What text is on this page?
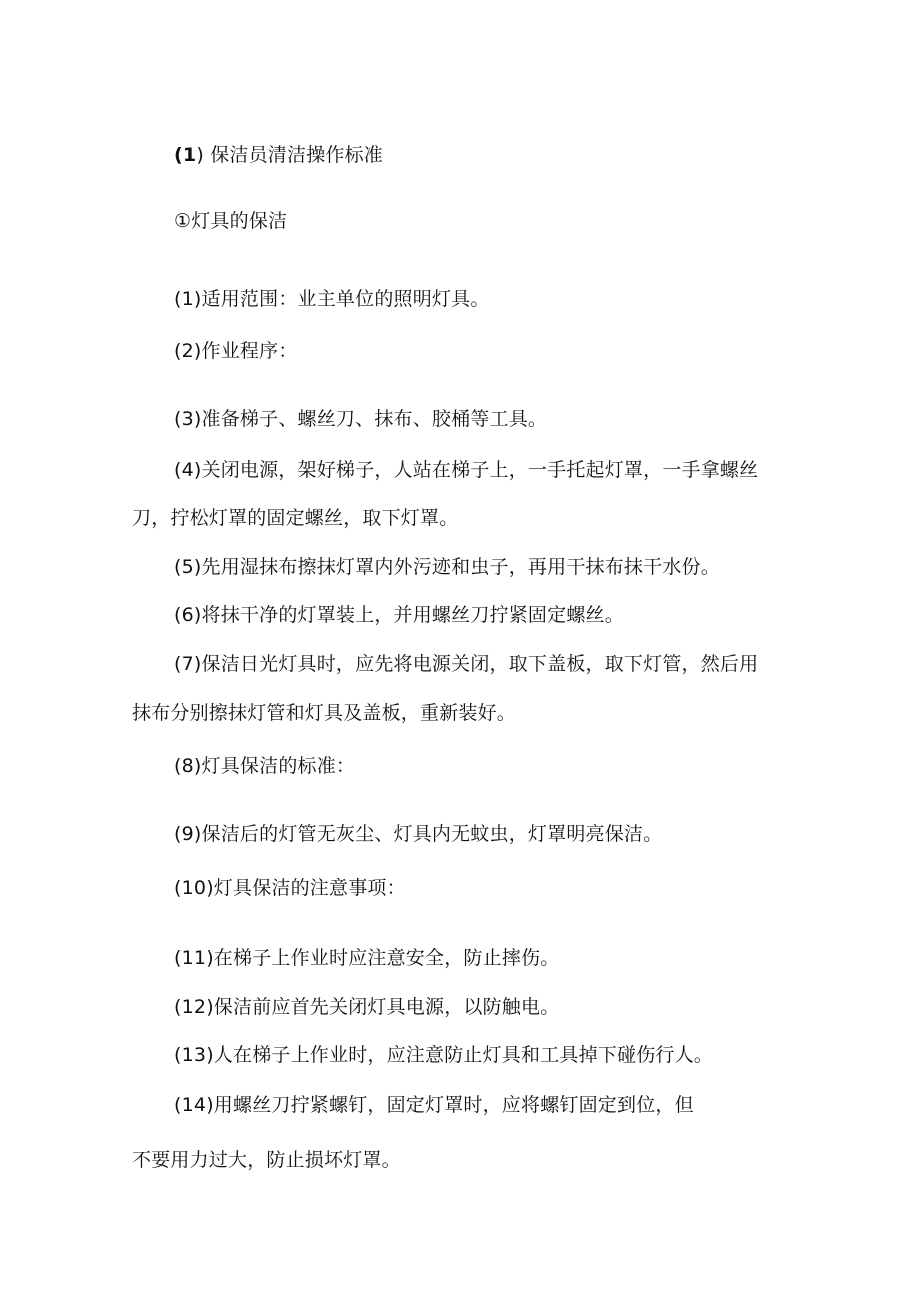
(1) 保洁员清洁操作标准
①灯具的保洁
(1)适用范围：业主单位的照明灯具。
(2)作业程序：
(3)准备梯子、螺丝刀、抹布、胶桶等工具。
(4)关闭电源，架好梯子，人站在梯子上，一手托起灯罩，一手拿螺丝
刀，拧松灯罩的固定螺丝，取下灯罩。
(5)先用湿抹布擦抹灯罩内外污迹和虫子，再用干抹布抹干水份。
(6)将抹干净的灯罩装上，并用螺丝刀拧紧固定螺丝。
(7)保洁日光灯具时，应先将电源关闭，取下盖板，取下灯管，然后用
抹布分别擦抹灯管和灯具及盖板，重新装好。
(8)灯具保洁的标准：
(9)保洁后的灯管无灰尘、灯具内无蚊虫，灯罩明亮保洁。
(10)灯具保洁的注意事项：
(11)在梯子上作业时应注意安全，防止摔伤。
(12)保洁前应首先关闭灯具电源，以防触电。
(13)人在梯子上作业时，应注意防止灯具和工具掉下碰伤行人。
(14)用螺丝刀拧紧螺钉，固定灯罩时，应将螺钉固定到位，但
不要用力过大，防止损坏灯罩。
